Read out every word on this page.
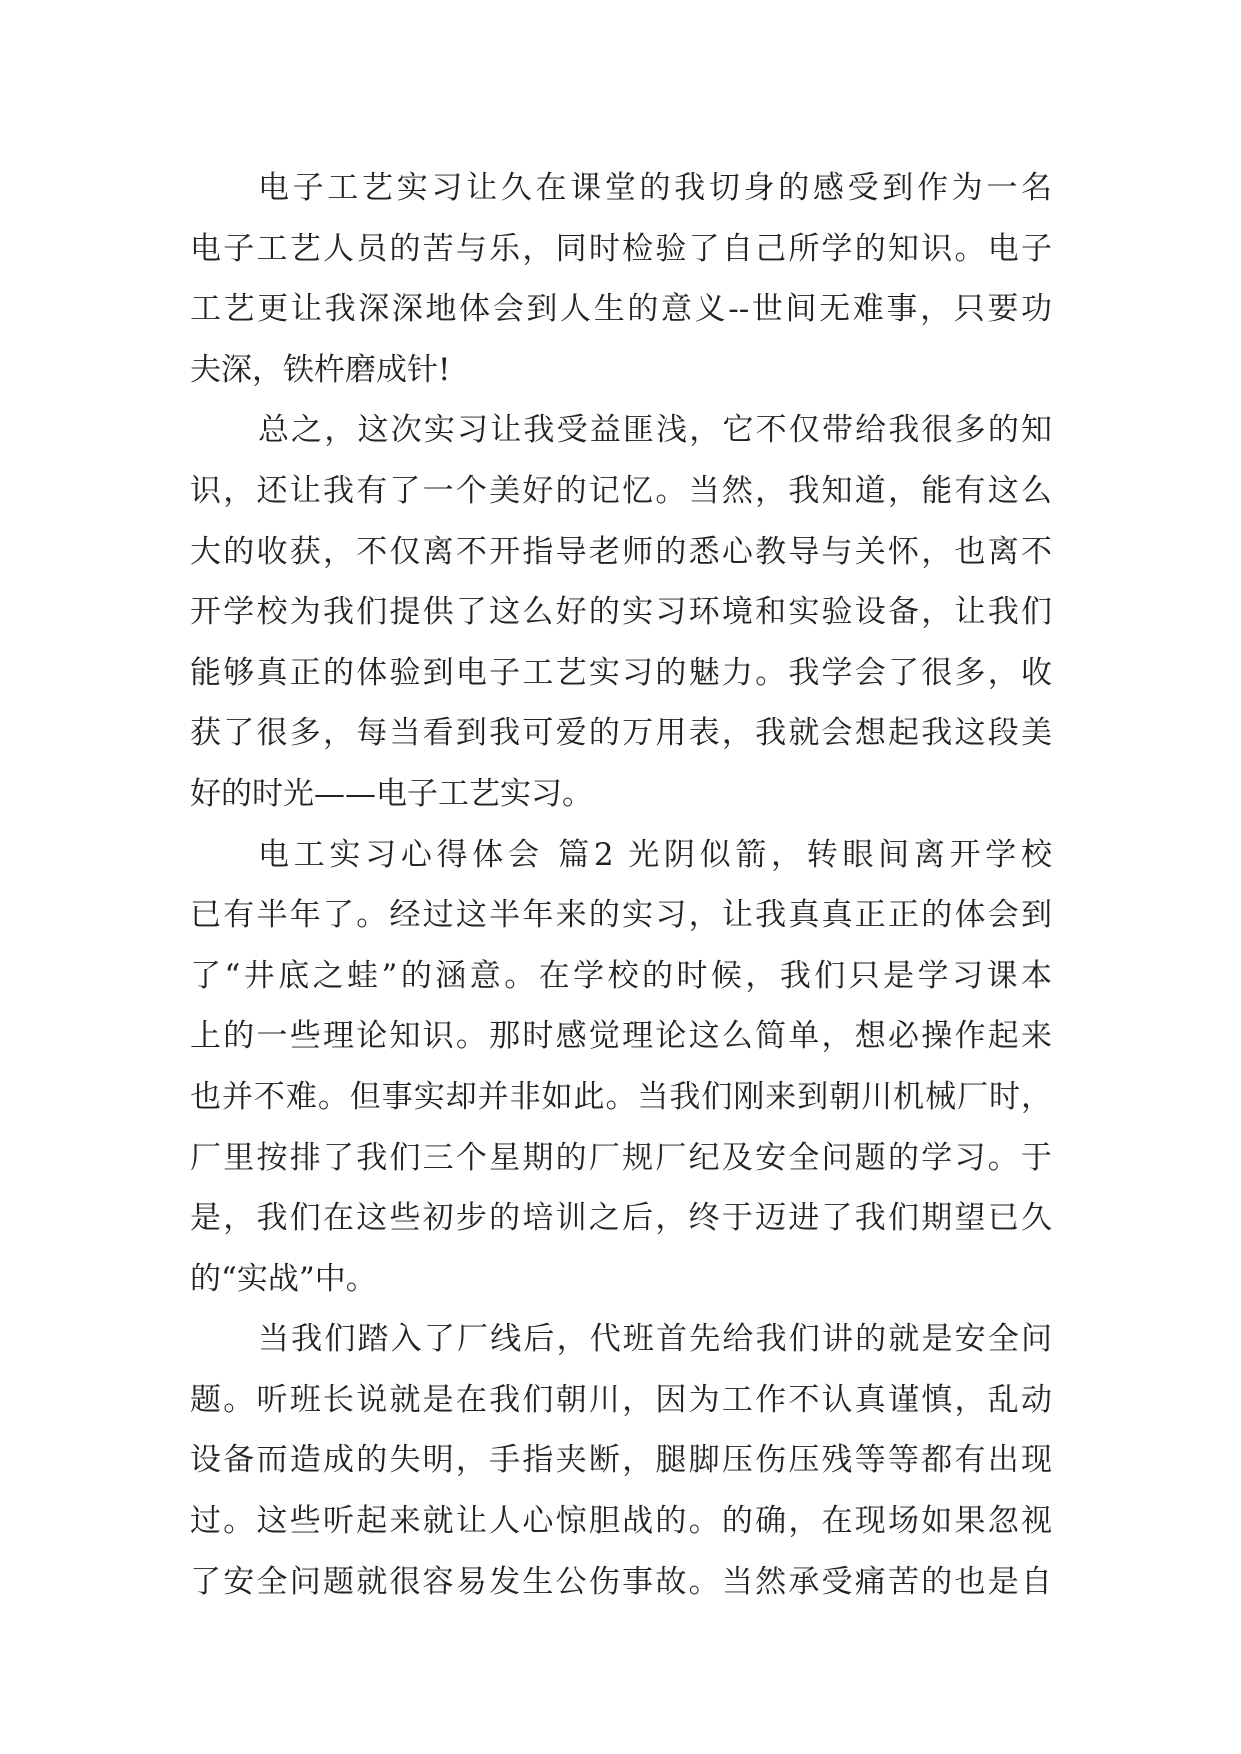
电子工艺实习让久在课堂的我切身的感受到作为一名
电子工艺人员的苦与乐，同时检验了自己所学的知识。电子
工艺更让我深深地体会到人生的意义--世间无难事，只要功
夫深，铁杵磨成针!
总之，这次实习让我受益匪浅，它不仅带给我很多的知
识，还让我有了一个美好的记忆。当然，我知道，能有这么
大的收获，不仅离不开指导老师的悉心教导与关怀，也离不
开学校为我们提供了这么好的实习环境和实验设备，让我们
能够真正的体验到电子工艺实习的魅力。我学会了很多，收
获了很多，每当看到我可爱的万用表，我就会想起我这段美
好的时光——电子工艺实习。
电工实习心得体会 篇2 光阴似箭，转眼间离开学校
已有半年了。经过这半年来的实习，让我真真正正的体会到
了“井底之蛙”的涵意。在学校的时候，我们只是学习课本
上的一些理论知识。那时感觉理论这么简单，想必操作起来
也并不难。但事实却并非如此。当我们刚来到朝川机械厂时，
厂里按排了我们三个星期的厂规厂纪及安全问题的学习。于
是，我们在这些初步的培训之后，终于迈进了我们期望已久
的“实战”中。
当我们踏入了厂线后，代班首先给我们讲的就是安全问
题。听班长说就是在我们朝川，因为工作不认真谨慎，乱动
设备而造成的失明，手指夹断，腿脚压伤压残等等都有出现
过。这些听起来就让人心惊胆战的。的确，在现场如果忽视
了安全问题就很容易发生公伤事故。当然承受痛苦的也是自
